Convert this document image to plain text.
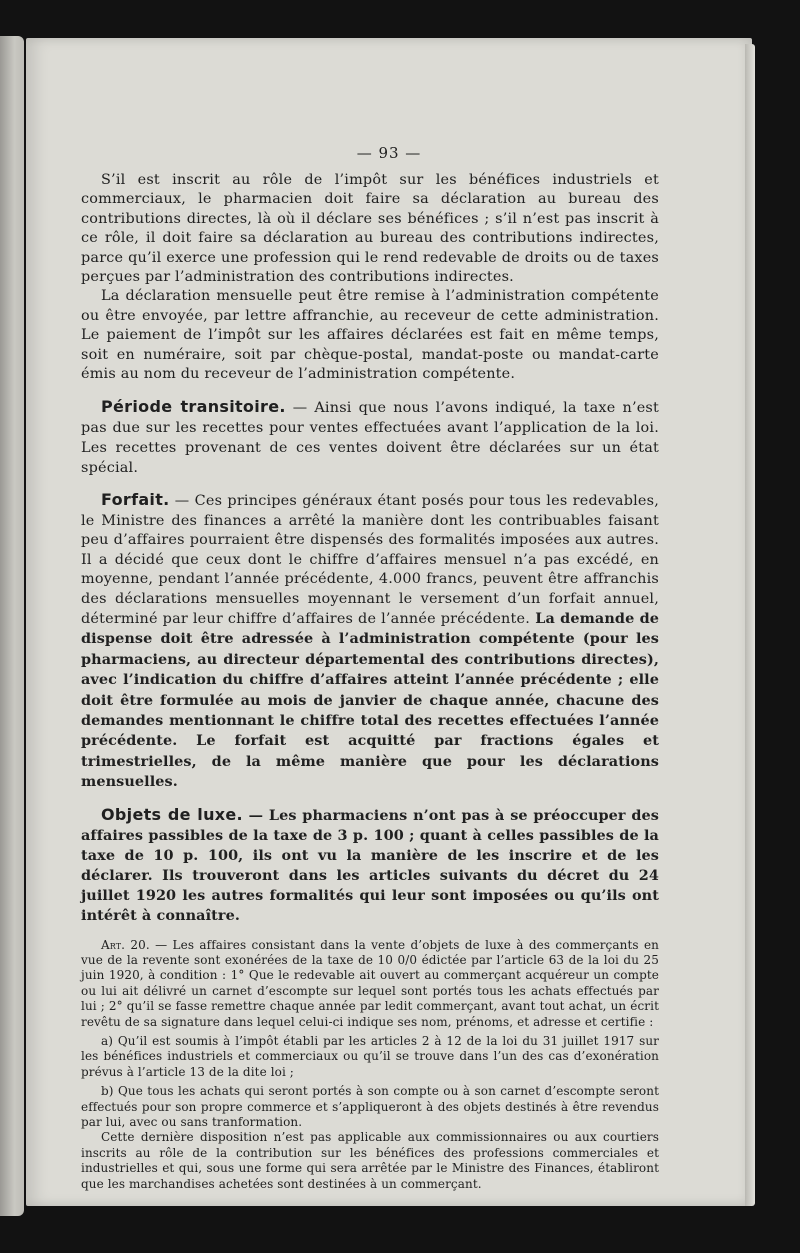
— 93 —

S’il est inscrit au rôle de l’impôt sur les bénéfices industriels et commerciaux, le pharmacien doit faire sa déclaration au bureau des contributions directes, là où il déclare ses bénéfices ; s’il n’est pas inscrit à ce rôle, il doit faire sa déclaration au bureau des contributions indirectes, parce qu’il exerce une profession qui le rend redevable de droits ou de taxes perçues par l’administration des contributions indirectes.

La déclaration mensuelle peut être remise à l’administration compétente ou être envoyée, par lettre affranchie, au receveur de cette administration. Le paiement de l’impôt sur les affaires déclarées est fait en même temps, soit en numéraire, soit par chèque-postal, mandat-poste ou mandat-carte émis au nom du receveur de l’administration compétente.

Période transitoire. — Ainsi que nous l’avons indiqué, la taxe n’est pas due sur les recettes pour ventes effectuées avant l’application de la loi. Les recettes provenant de ces ventes doivent être déclarées sur un état spécial.

Forfait. — Ces principes généraux étant posés pour tous les redevables, le Ministre des finances a arrêté la manière dont les contribuables faisant peu d’affaires pourraient être dispensés des formalités imposées aux autres. Il a décidé que ceux dont le chiffre d’affaires mensuel n’a pas excédé, en moyenne, pendant l’année précédente, 4.000 francs, peuvent être affranchis des déclarations mensuelles moyennant le versement d’un forfait annuel, déterminé par leur chiffre d’affaires de l’année précédente. La demande de dispense doit être adressée à l’administration compétente (pour les pharmaciens, au directeur départemental des contributions directes), avec l’indication du chiffre d’affaires atteint l’année précédente ; elle doit être formulée au mois de janvier de chaque année, chacune des demandes mentionnant le chiffre total des recettes effectuées l’année précédente. Le forfait est acquitté par fractions égales et trimestrielles, de la même manière que pour les déclarations mensuelles.

Objets de luxe. — Les pharmaciens n’ont pas à se préoccuper des affaires passibles de la taxe de 3 p. 100 ; quant à celles passibles de la taxe de 10 p. 100, ils ont vu la manière de les inscrire et de les déclarer. Ils trouveront dans les articles suivants du décret du 24 juillet 1920 les autres formalités qui leur sont imposées ou qu’ils ont intérêt à connaître.

Art. 20. — Les affaires consistant dans la vente d’objets de luxe à des commerçants en vue de la revente sont exonérées de la taxe de 10 0/0 édictée par l’article 63 de la loi du 25 juin 1920, à condition : 1° Que le redevable ait ouvert au commerçant acquéreur un compte ou lui ait délivré un carnet d’escompte sur lequel sont portés tous les achats effectués par lui ; 2° qu’il se fasse remettre chaque année par ledit commerçant, avant tout achat, un écrit revêtu de sa signature dans lequel celui-ci indique ses nom, prénoms, et adresse et certifie :

a) Qu’il est soumis à l’impôt établi par les articles 2 à 12 de la loi du 31 juillet 1917 sur les bénéfices industriels et commerciaux ou qu’il se trouve dans l’un des cas d’exonération prévus à l’article 13 de la dite loi ;

b) Que tous les achats qui seront portés à son compte ou à son carnet d’escompte seront effectués pour son propre commerce et s’appliqueront à des objets destinés à être revendus par lui, avec ou sans tranformation.

Cette dernière disposition n’est pas applicable aux commissionnaires ou aux courtiers inscrits au rôle de la contribution sur les bénéfices des professions commerciales et industrielles et qui, sous une forme qui sera arrêtée par le Ministre des Finances, établiront que les marchandises achetées sont destinées à un commerçant.
